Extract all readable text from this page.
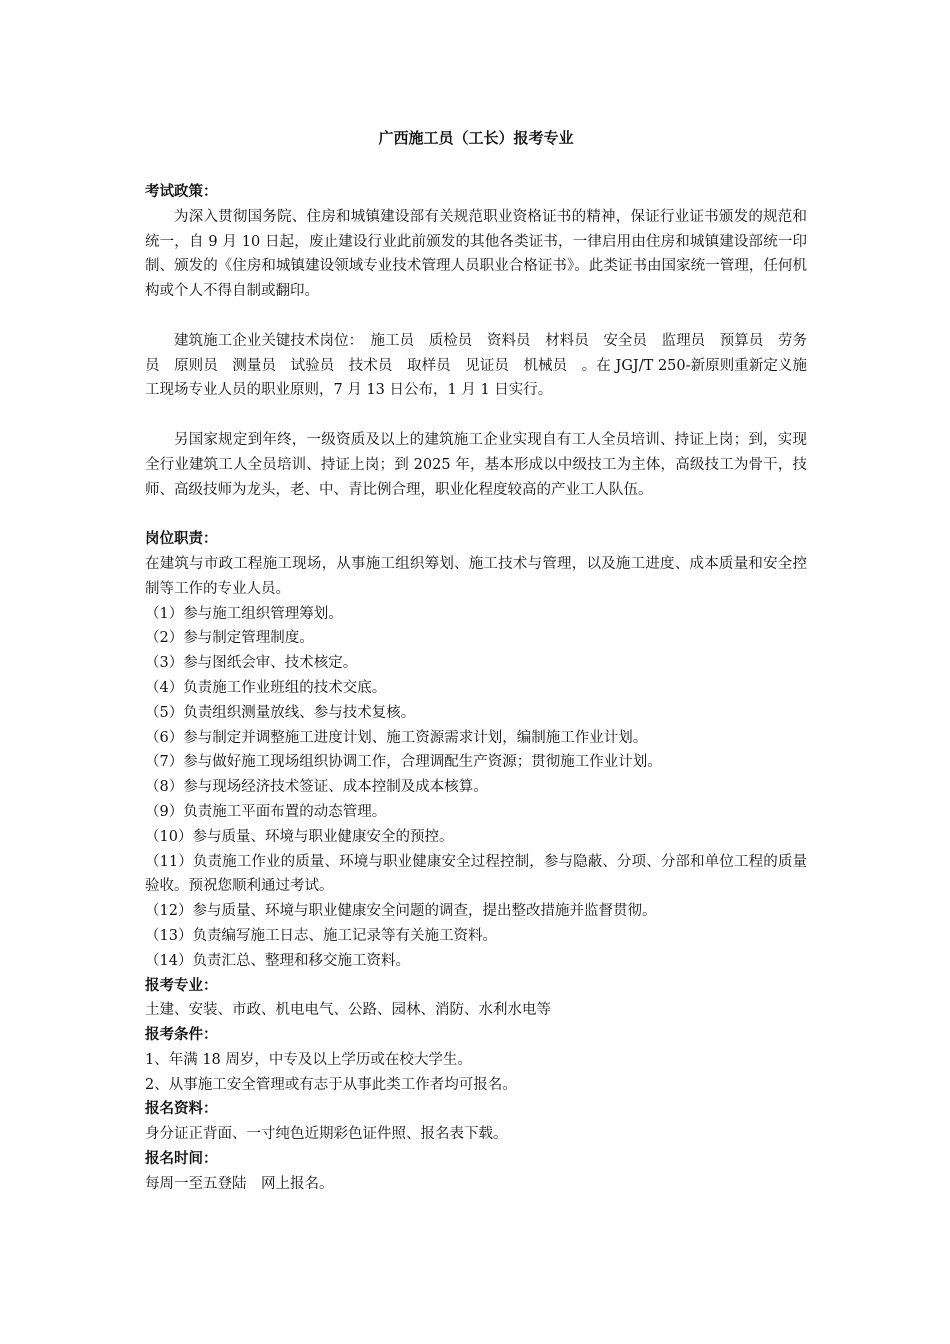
广西施工员（工长）报考专业

考试政策：

为深入贯彻国务院、住房和城镇建设部有关规范职业资格证书的精神，保证行业证书颁发的规范和统一，自 9 月 10 日起，废止建设行业此前颁发的其他各类证书，一律启用由住房和城镇建设部统一印制、颁发的《住房和城镇建设领域专业技术管理人员职业合格证书》。此类证书由国家统一管理，任何机构或个人不得自制或翻印。

建筑施工企业关键技术岗位：　施工员　质检员　资料员　材料员　安全员　监理员　预算员　劳务员　原则员　测量员　试验员　技术员　取样员　见证员　机械员　。在 JGJ/T 250-新原则重新定义施工现场专业人员的职业原则，7 月 13 日公布，1 月 1 日实行。

另国家规定到年终，一级资质及以上的建筑施工企业实现自有工人全员培训、持证上岗；到，实现全行业建筑工人全员培训、持证上岗；到 2025 年，基本形成以中级技工为主体，高级技工为骨干，技师、高级技师为龙头，老、中、青比例合理，职业化程度较高的产业工人队伍。

岗位职责：

在建筑与市政工程施工现场，从事施工组织筹划、施工技术与管理，以及施工进度、成本质量和安全控制等工作的专业人员。

（1）参与施工组织管理筹划。
（2）参与制定管理制度。
（3）参与图纸会审、技术核定。
（4）负责施工作业班组的技术交底。
（5）负责组织测量放线、参与技术复核。
（6）参与制定并调整施工进度计划、施工资源需求计划，编制施工作业计划。
（7）参与做好施工现场组织协调工作，合理调配生产资源；贯彻施工作业计划。
（8）参与现场经济技术签证、成本控制及成本核算。
（9）负责施工平面布置的动态管理。
（10）参与质量、环境与职业健康安全的预控。
（11）负责施工作业的质量、环境与职业健康安全过程控制，参与隐蔽、分项、分部和单位工程的质量验收。预祝您顺利通过考试。
（12）参与质量、环境与职业健康安全问题的调查，提出整改措施并监督贯彻。
（13）负责编写施工日志、施工记录等有关施工资料。
（14）负责汇总、整理和移交施工资料。

报考专业：

土建、安装、市政、机电电气、公路、园林、消防、水利水电等

报考条件：

1、年满 18 周岁，中专及以上学历或在校大学生。

2、从事施工安全管理或有志于从事此类工作者均可报名。

报名资料：

身分证正背面、一寸纯色近期彩色证件照、报名表下载。

报名时间：

每周一至五登陆　网上报名。
